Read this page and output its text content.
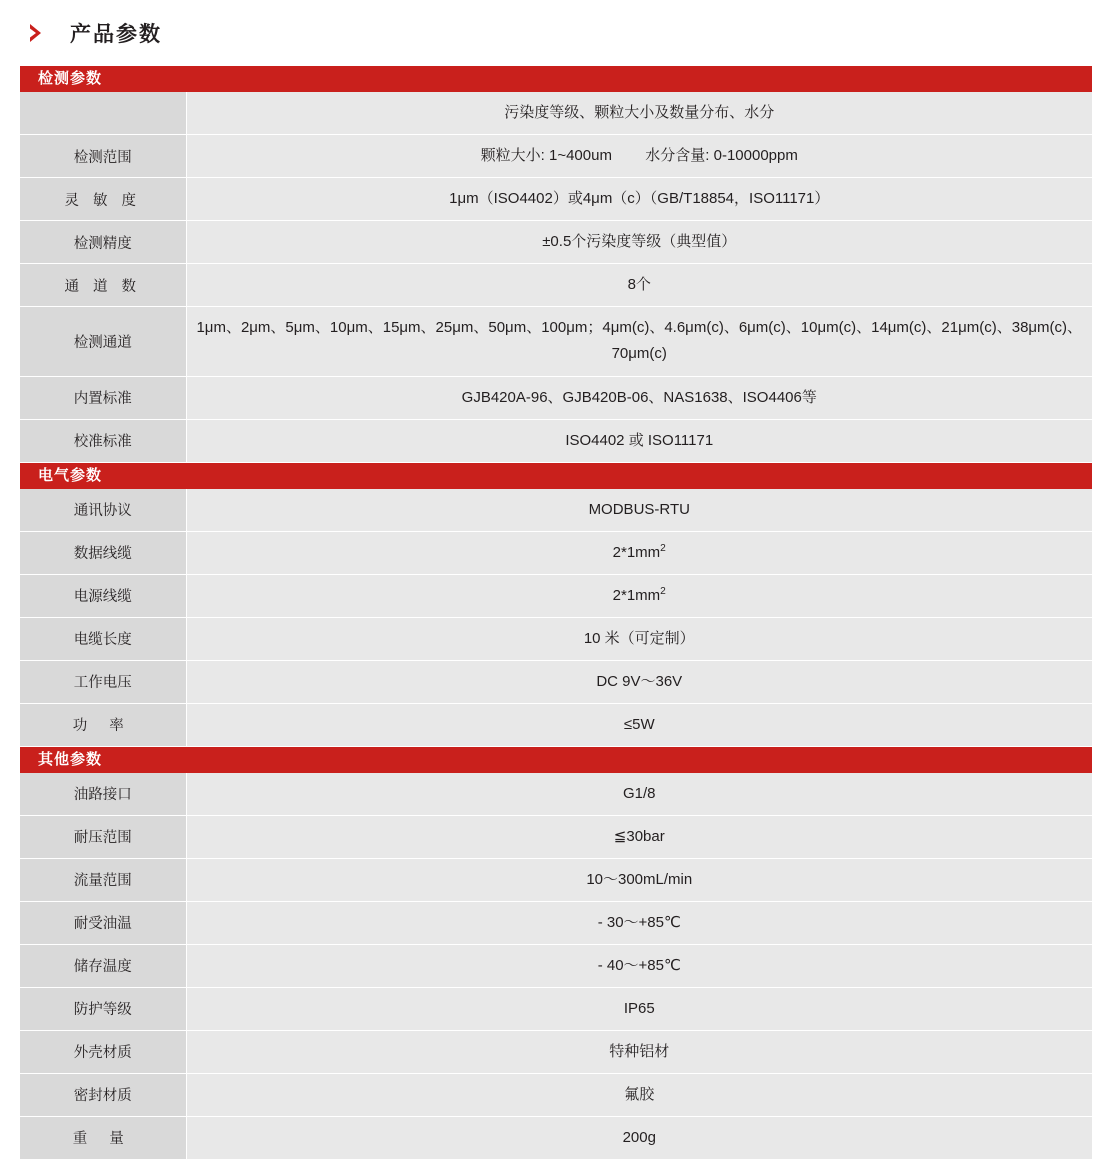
产品参数
检测参数	
	污染度等级、颗粒大小及数量分布、水分
检测范围	颗粒大小: 1~400um        水分含量: 0-10000ppm
灵 敏 度	1μm（ISO4402）或4μm（c）（GB/T18854，ISO11171）
检测精度	±0.5个污染度等级（典型值）
通 道 数	8个
检测通道	1μm、2μm、5μm、10μm、15μm、25μm、50μm、100μm；4μm(c)、4.6μm(c)、6μm(c)、10μm(c)、14μm(c)、21μm(c)、38μm(c)、70μm(c)
内置标准	GJB420A-96、GJB420B-06、NAS1638、ISO4406等
校准标准	ISO4402 或 ISO11171
电气参数	
通讯协议	MODBUS-RTU
数据线缆	$2*1mm^2$
电源线缆	$2*1mm^2$
电缆长度	10 米（可定制）
工作电压	DC 9V～36V
功 率	≤5W
其他参数	
油路接口	G1/8
耐压范围	≦30bar
流量范围	10～300mL/min
耐受油温	- 30～+85℃
储存温度	- 40～+85℃
防护等级	IP65
外壳材质	特种铝材
密封材质	氟胶
重 量	200g
